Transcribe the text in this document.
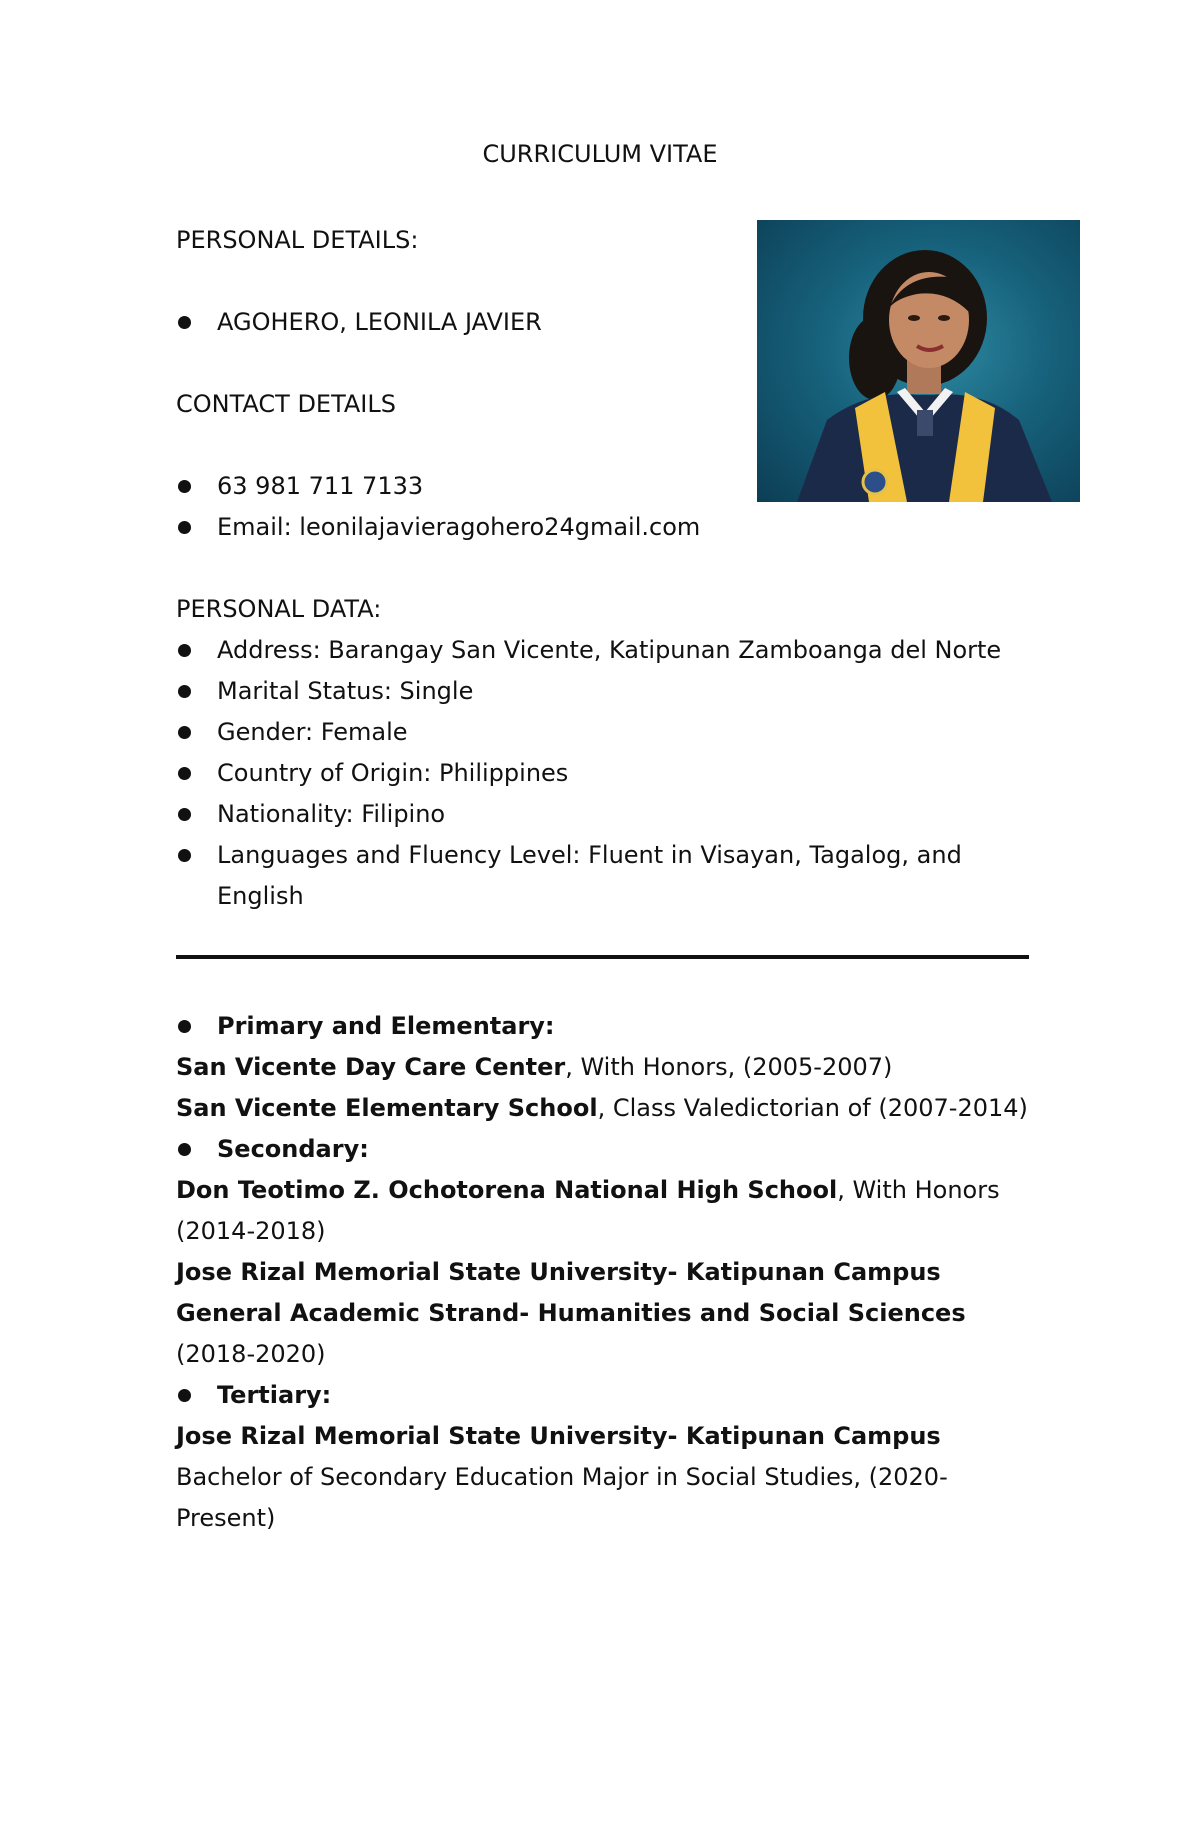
CURRICULUM VITAE
PERSONAL DETAILS:
AGOHERO, LEONILA JAVIER
CONTACT DETAILS
63 981 711 7133
Email: leonilajavieragohero24gmail.com
PERSONAL DATA:
Address: Barangay San Vicente, Katipunan Zamboanga del Norte
Marital Status: Single
Gender: Female
Country of Origin: Philippines
Nationality: Filipino
Languages and Fluency Level: Fluent in Visayan, Tagalog, and
English
Primary and Elementary:
San Vicente Day Care Center, With Honors, (2005-2007)
San Vicente Elementary School, Class Valedictorian of (2007-2014)
Secondary:
Don Teotimo Z. Ochotorena National High School, With Honors
(2014-2018)
Jose Rizal Memorial State University- Katipunan Campus
General Academic Strand- Humanities and Social Sciences
(2018-2020)
Tertiary:
Jose Rizal Memorial State University- Katipunan Campus
Bachelor of Secondary Education Major in Social Studies, (2020-
Present)
